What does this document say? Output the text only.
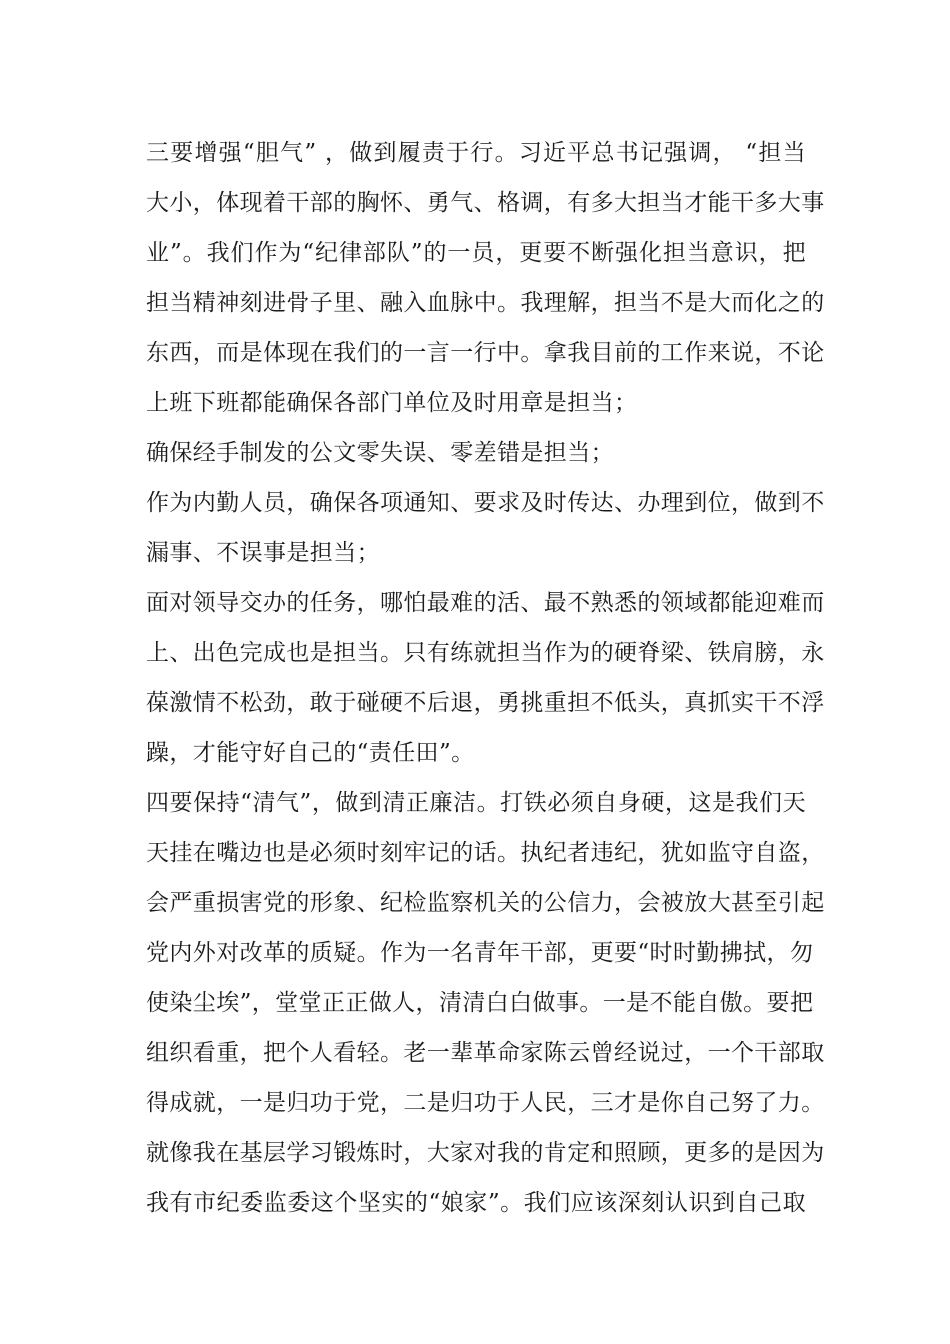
三要增强“胆气” ，做到履责于行。习近平总书记强调， “担当
大小，体现着干部的胸怀、勇气、格调，有多大担当才能干多大事
业”。我们作为“纪律部队”的一员，更要不断强化担当意识，把
担当精神刻进骨子里、融入血脉中。我理解，担当不是大而化之的
东西，而是体现在我们的一言一行中。拿我目前的工作来说，不论
上班下班都能确保各部门单位及时用章是担当；
确保经手制发的公文零失误、零差错是担当；
作为内勤人员，确保各项通知、要求及时传达、办理到位，做到不
漏事、不误事是担当；
面对领导交办的任务，哪怕最难的活、最不熟悉的领域都能迎难而
上、出色完成也是担当。只有练就担当作为的硬脊梁、铁肩膀，永
葆激情不松劲，敢于碰硬不后退，勇挑重担不低头，真抓实干不浮
躁，才能守好自己的“责任田”。
四要保持“清气”，做到清正廉洁。打铁必须自身硬，这是我们天
天挂在嘴边也是必须时刻牢记的话。执纪者违纪，犹如监守自盗，
会严重损害党的形象、纪检监察机关的公信力，会被放大甚至引起
党内外对改革的质疑。作为一名青年干部，更要“时时勤拂拭，勿
使染尘埃”，堂堂正正做人，清清白白做事。一是不能自傲。要把
组织看重，把个人看轻。老一辈革命家陈云曾经说过，一个干部取
得成就，一是归功于党，二是归功于人民，三才是你自己努了力。
就像我在基层学习锻炼时，大家对我的肯定和照顾，更多的是因为
我有市纪委监委这个坚实的“娘家”。我们应该深刻认识到自己取
